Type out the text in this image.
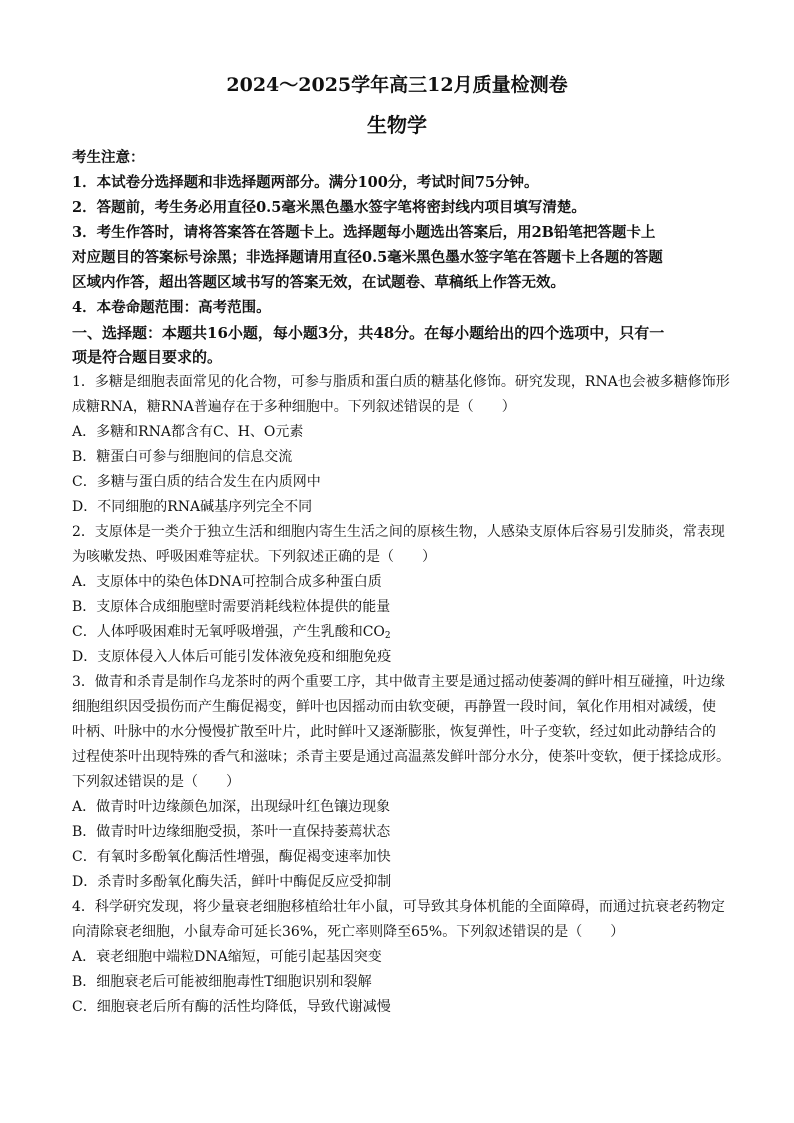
2024～2025学年高三12月质量检测卷
生物学
考生注意：
1．本试卷分选择题和非选择题两部分。满分100分，考试时间75分钟。
2．答题前，考生务必用直径0.5毫米黑色墨水签字笔将密封线内项目填写清楚。
3．考生作答时，请将答案答在答题卡上。选择题每小题选出答案后，用2B铅笔把答题卡上
对应题目的答案标号涂黑；非选择题请用直径0.5毫米黑色墨水签字笔在答题卡上各题的答题
区域内作答，超出答题区域书写的答案无效，在试题卷、草稿纸上作答无效。
4．本卷命题范围：高考范围。
一、选择题：本题共16小题，每小题3分，共48分。在每小题给出的四个选项中，只有一
项是符合题目要求的。
1．多糖是细胞表面常见的化合物，可参与脂质和蛋白质的糖基化修饰。研究发现，RNA也会被多糖修饰形
成糖RNA，糖RNA普遍存在于多种细胞中。下列叙述错误的是（　　）
A．多糖和RNA都含有C、H、O元素
B．糖蛋白可参与细胞间的信息交流
C．多糖与蛋白质的结合发生在内质网中
D．不同细胞的RNA碱基序列完全不同
2．支原体是一类介于独立生活和细胞内寄生生活之间的原核生物，人感染支原体后容易引发肺炎，常表现
为咳嗽发热、呼吸困难等症状。下列叙述正确的是（　　）
A．支原体中的染色体DNA可控制合成多种蛋白质
B．支原体合成细胞壁时需要消耗线粒体提供的能量
C．人体呼吸困难时无氧呼吸增强，产生乳酸和$CO_2$
D．支原体侵入人体后可能引发体液免疫和细胞免疫
3．做青和杀青是制作乌龙茶时的两个重要工序，其中做青主要是通过摇动使萎凋的鲜叶相互碰撞，叶边缘
细胞组织因受损伤而产生酶促褐变，鲜叶也因摇动而由软变硬，再静置一段时间，氧化作用相对减缓，使
叶柄、叶脉中的水分慢慢扩散至叶片，此时鲜叶又逐渐膨胀，恢复弹性，叶子变软，经过如此动静结合的
过程使茶叶出现特殊的香气和滋味；杀青主要是通过高温蒸发鲜叶部分水分，使茶叶变软，便于揉捻成形。
下列叙述错误的是（　　）
A．做青时叶边缘颜色加深，出现绿叶红色镶边现象
B．做青时叶边缘细胞受损，茶叶一直保持萎蔫状态
C．有氧时多酚氧化酶活性增强，酶促褐变速率加快
D．杀青时多酚氧化酶失活，鲜叶中酶促反应受抑制
4．科学研究发现，将少量衰老细胞移植给壮年小鼠，可导致其身体机能的全面障碍，而通过抗衰老药物定
向清除衰老细胞，小鼠寿命可延长36%，死亡率则降至65%。下列叙述错误的是（　　）
A．衰老细胞中端粒DNA缩短，可能引起基因突变
B．细胞衰老后可能被细胞毒性T细胞识别和裂解
C．细胞衰老后所有酶的活性均降低，导致代谢减慢
